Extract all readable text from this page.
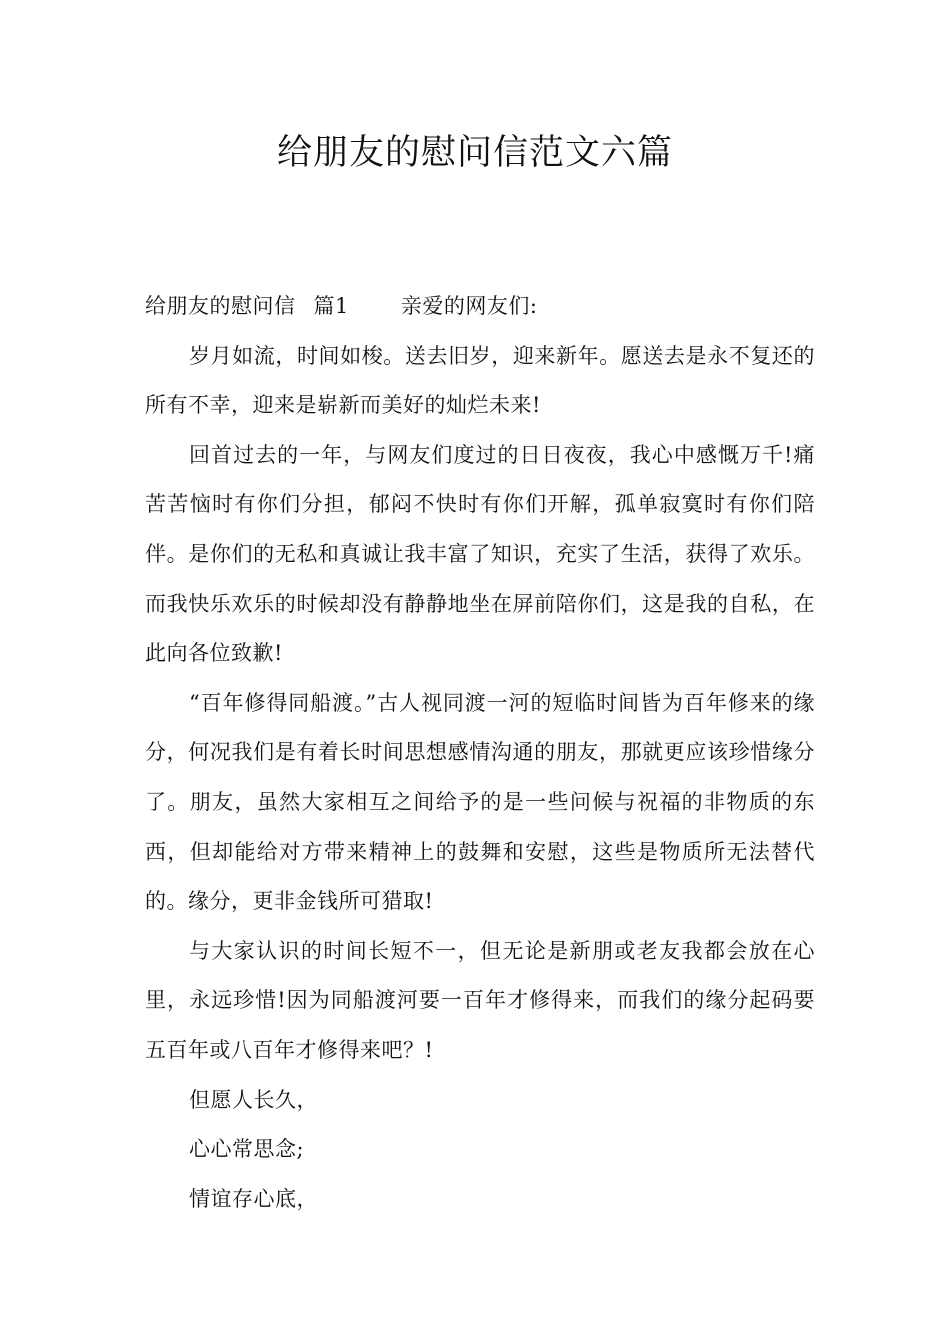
给朋友的慰问信范文六篇

给朋友的慰问信 篇1 亲爱的网友们:

岁月如流，时间如梭。送去旧岁，迎来新年。愿送去是永不复还的所有不幸，迎来是崭新而美好的灿烂未来!

回首过去的一年，与网友们度过的日日夜夜，我心中感慨万千!痛苦苦恼时有你们分担，郁闷不快时有你们开解，孤单寂寞时有你们陪伴。是你们的无私和真诚让我丰富了知识，充实了生活，获得了欢乐。而我快乐欢乐的时候却没有静静地坐在屏前陪你们，这是我的自私，在此向各位致歉!

“百年修得同船渡。”古人视同渡一河的短临时间皆为百年修来的缘分，何况我们是有着长时间思想感情沟通的朋友，那就更应该珍惜缘分了。朋友，虽然大家相互之间给予的是一些问候与祝福的非物质的东西，但却能给对方带来精神上的鼓舞和安慰，这些是物质所无法替代的。缘分，更非金钱所可猎取!

与大家认识的时间长短不一，但无论是新朋或老友我都会放在心里，永远珍惜!因为同船渡河要一百年才修得来，而我们的缘分起码要五百年或八百年才修得来吧？!

但愿人长久，

心心常思念;

情谊存心底，
